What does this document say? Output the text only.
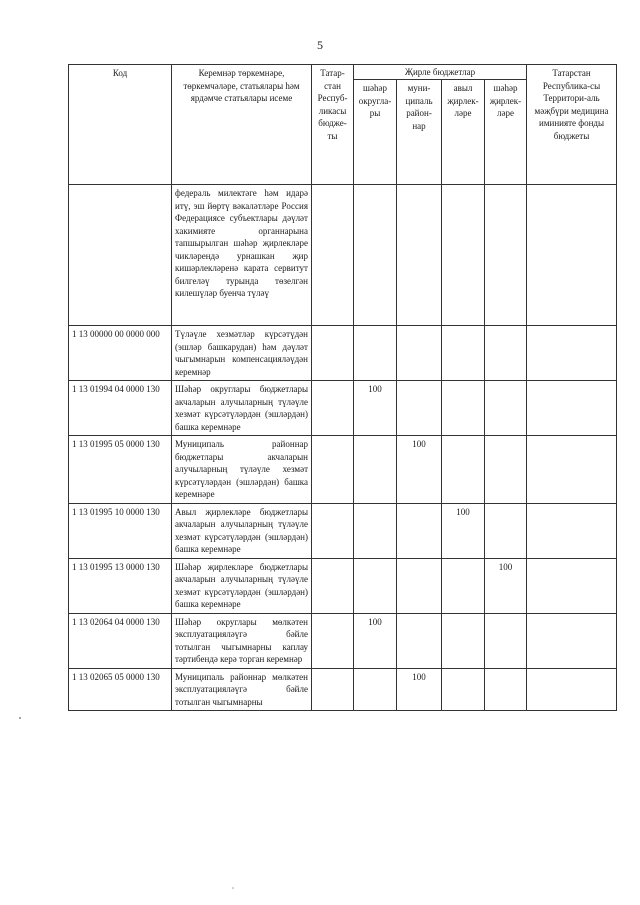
5
Код	Керемнәр төркемнәре, төркемчәләре, статьялары һәм ярдәмче статьялары исеме	Татар-стан Респуб-ликасы бюдже-ты	Җирле бюджетлар				Татарстан Республика-сы Территори-аль мәҗбүри медицина иминияте фонды бюджеты
			шәһәр округла-ры	муни-ципаль район-нар	авыл җирлек-ләре	шәһәр җирлек-ләре	
	федераль милектәге һәм идарә итү, эш йөртү вәкаләтләре Россия Федерациясе субъектлары дәүләт хакимияте органнарына тапшырылган шәһәр җирлекләре чикләрендә урнашкан җир кишәрлекләренә карата сервитут билгеләү турында төзелгән килешүләр буенча түләү						
1 13 00000 00 0000 000	Түләүле хезмәтләр күрсәтүдән (эшләр башкарудан) һәм дәүләт чыгымнарын компенсацияләүдән керемнәр						
1 13 01994 04 0000 130	Шәһәр округлары бюджетлары акчаларын алучыларның түләүле хезмәт күрсәтүләрдән (эшләрдән) башка керемнәре		100				
1 13 01995 05 0000 130	Муниципаль районнар бюджетлары акчаларын алучыларның түләүле хезмәт күрсәтүләрдән (эшләрдән) башка керемнәре			100			
1 13 01995 10 0000 130	Авыл җирлекләре бюджетлары акчаларын алучыларның түләүле хезмәт күрсәтүләрдән (эшләрдән) башка керемнәре				100		
1 13 01995 13 0000 130	Шәһәр җирлекләре бюджетлары акчаларын алучыларның түләүле хезмәт күрсәтүләрдән (эшләрдән) башка керемнәре					100	
1 13 02064 04 0000 130	Шәһәр округлары мөлкәтен эксплуатацияләүгә бәйле тотылган чыгымнарны каплау тәртибендә керә торган керемнәр		100				
1 13 02065 05 0000 130	Муниципаль районнар мөлкәтен эксплуатацияләүгә бәйле тотылган чыгымнарны			100			
